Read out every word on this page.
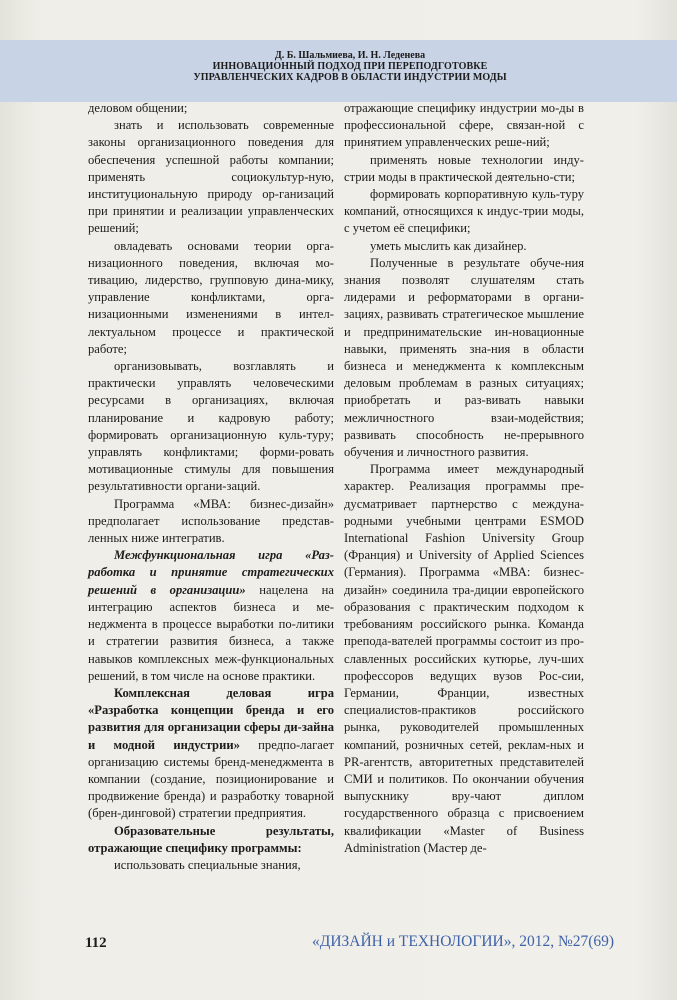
Д. Б. Шальмиева, И. Н. Леденева
ИННОВАЦИОННЫЙ ПОДХОД ПРИ ПЕРЕПОДГОТОВКЕ
УПРАВЛЕНЧЕСКИХ КАДРОВ В ОБЛАСТИ ИНДУСТРИИ МОДЫ

деловом общении;

знать и использовать современные законы организационного поведения для обеспечения успешной работы компании; применять социокультур-ную, институциональную природу ор-ганизаций при принятии и реализации управленческих решений;

овладевать основами теории орга-низационного поведения, включая мо-тивацию, лидерство, групповую дина-мику, управление конфликтами, орга-низационными изменениями в интел-лектуальном процессе и практической работе;

организовывать, возглавлять и практически управлять человеческими ресурсами в организациях, включая планирование и кадровую работу; формировать организационную куль-туру; управлять конфликтами; форми-ровать мотивационные стимулы для повышения результативности органи-заций.

Программа «МВА: бизнес-дизайн» предполагает использование представ-ленных ниже интегратив.

Межфункциональная игра «Раз-работка и принятие стратегических решений в организации» нацелена на интеграцию аспектов бизнеса и ме-неджмента в процессе выработки по-литики и стратегии развития бизнеса, а также навыков комплексных меж-функциональных решений, в том числе на основе практики.

Комплексная деловая игра «Разработка концепции бренда и его развития для организации сферы ди-зайна и модной индустрии» предпо-лагает организацию системы бренд-менеджмента в компании (создание, позиционирование и продвижение бренда) и разработку товарной (брен-динговой) стратегии предприятия.

Образовательные результаты, отражающие специфику программы:

использовать специальные знания,

отражающие специфику индустрии мо-ды в профессиональной сфере, связан-ной с принятием управленческих реше-ний;

применять новые технологии инду-стрии моды в практической деятельно-сти;

формировать корпоративную куль-туру компаний, относящихся к индус-трии моды, с учетом её специфики;

уметь мыслить как дизайнер.

Полученные в результате обуче-ния знания позволят слушателям стать лидерами и реформаторами в органи-зациях, развивать стратегическое мышление и предпринимательские ин-новационные навыки, применять зна-ния в области бизнеса и менеджмента к комплексным деловым проблемам в разных ситуациях; приобретать и раз-вивать навыки межличностного взаи-модействия; развивать способность не-прерывного обучения и личностного развития.

Программа имеет международный характер. Реализация программы пре-дусматривает партнерство с междуна-родными учебными центрами ESMOD International Fashion University Group (Франция) и University of Applied Sciences (Германия). Программа «МВА: бизнес-дизайн» соединила тра-диции европейского образования с практическим подходом к требованиям российского рынка. Команда препода-вателей программы состоит из про-славленных российских кутюрье, луч-ших профессоров ведущих вузов Рос-сии, Германии, Франции, известных специалистов-практиков российского рынка, руководителей промышленных компаний, розничных сетей, реклам-ных и PR-агентств, авторитетных представителей СМИ и политиков. По окончании обучения выпускнику вру-чают диплом государственного образца с присвоением квалификации «Master of Business Administration (Мастер де-

112	«ДИЗАЙН и ТЕХНОЛОГИИ», 2012, №27(69)
